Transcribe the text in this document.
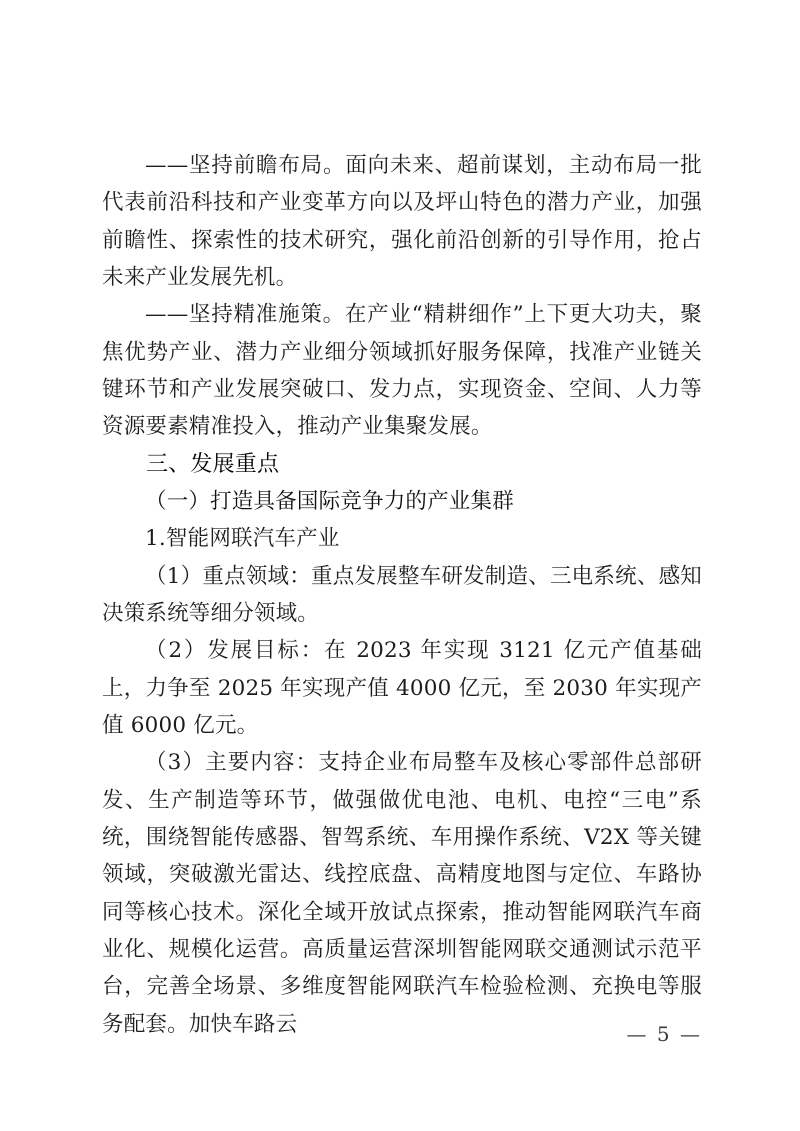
——坚持前瞻布局。面向未来、超前谋划，主动布局一批代表前沿科技和产业变革方向以及坪山特色的潜力产业，加强前瞻性、探索性的技术研究，强化前沿创新的引导作用，抢占未来产业发展先机。

——坚持精准施策。在产业“精耕细作”上下更大功夫，聚焦优势产业、潜力产业细分领域抓好服务保障，找准产业链关键环节和产业发展突破口、发力点，实现资金、空间、人力等资源要素精准投入，推动产业集聚发展。

三、发展重点
（一）打造具备国际竞争力的产业集群

1.智能网联汽车产业

（1）重点领域：重点发展整车研发制造、三电系统、感知决策系统等细分领域。

（2）发展目标：在 2023 年实现 3121 亿元产值基础上，力争至 2025 年实现产值 4000 亿元，至 2030 年实现产值 6000 亿元。

（3）主要内容：支持企业布局整车及核心零部件总部研发、生产制造等环节，做强做优电池、电机、电控“三电”系统，围绕智能传感器、智驾系统、车用操作系统、V2X 等关键领域，突破激光雷达、线控底盘、高精度地图与定位、车路协同等核心技术。深化全域开放试点探索，推动智能网联汽车商业化、规模化运营。高质量运营深圳智能网联交通测试示范平台，完善全场景、多维度智能网联汽车检验检测、充换电等服务配套。加快车路云	— 5 —
